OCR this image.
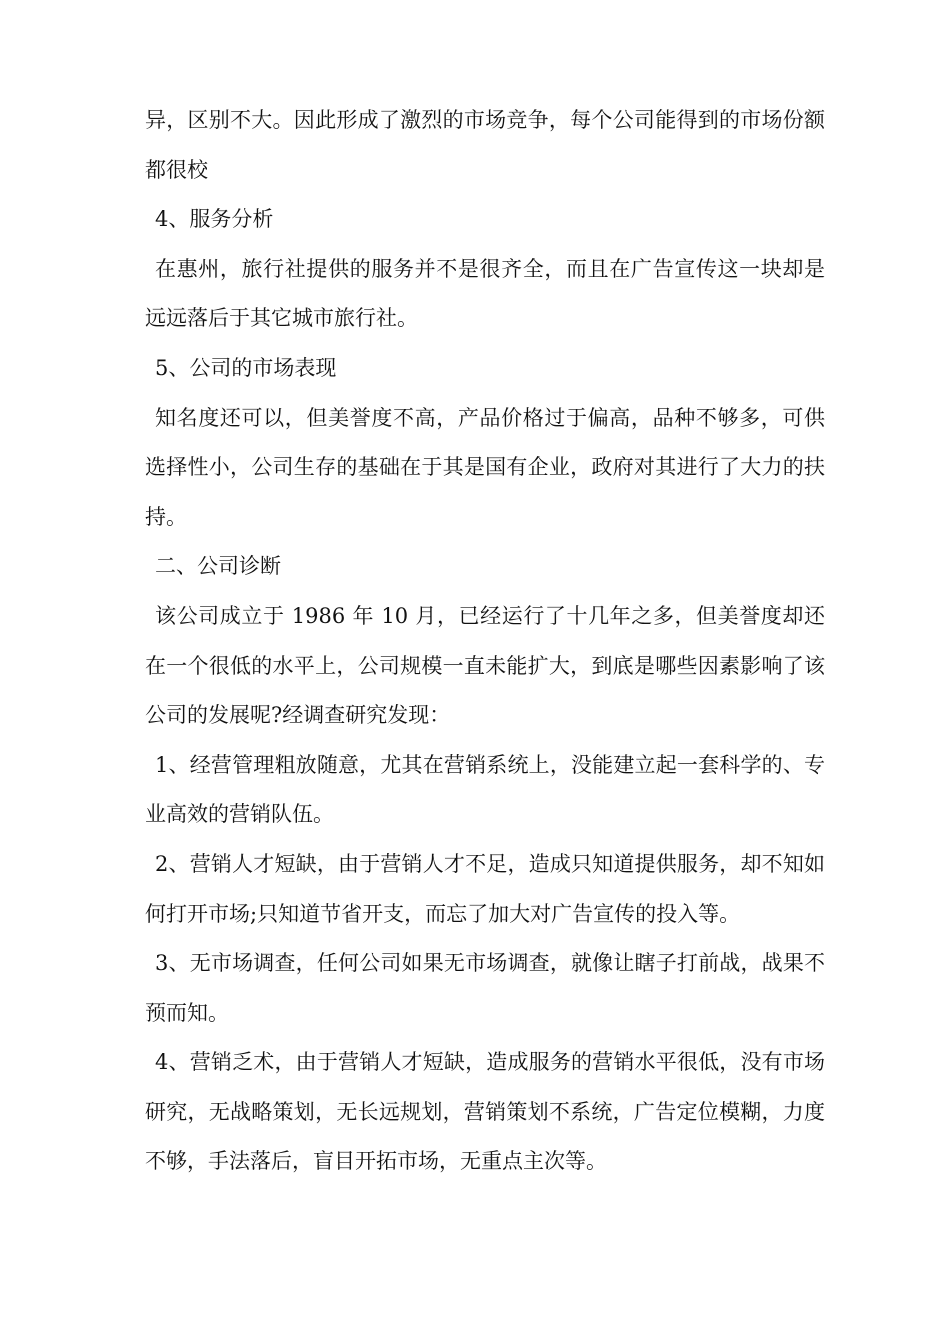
异，区别不大。因此形成了激烈的市场竞争，每个公司能得到的市场份额都很校

4、服务分析

在惠州，旅行社提供的服务并不是很齐全，而且在广告宣传这一块却是远远落后于其它城市旅行社。

5、公司的市场表现

知名度还可以，但美誉度不高，产品价格过于偏高，品种不够多，可供选择性小，公司生存的基础在于其是国有企业，政府对其进行了大力的扶持。

二、公司诊断

该公司成立于 1986 年 10 月，已经运行了十几年之多，但美誉度却还在一个很低的水平上，公司规模一直未能扩大，到底是哪些因素影响了该公司的发展呢?经调查研究发现：

1、经营管理粗放随意，尤其在营销系统上，没能建立起一套科学的、专业高效的营销队伍。

2、营销人才短缺，由于营销人才不足，造成只知道提供服务，却不知如何打开市场;只知道节省开支，而忘了加大对广告宣传的投入等。

3、无市场调查，任何公司如果无市场调查，就像让瞎子打前战，战果不预而知。

4、营销乏术，由于营销人才短缺，造成服务的营销水平很低，没有市场研究，无战略策划，无长远规划，营销策划不系统，广告定位模糊，力度不够，手法落后，盲目开拓市场，无重点主次等。
